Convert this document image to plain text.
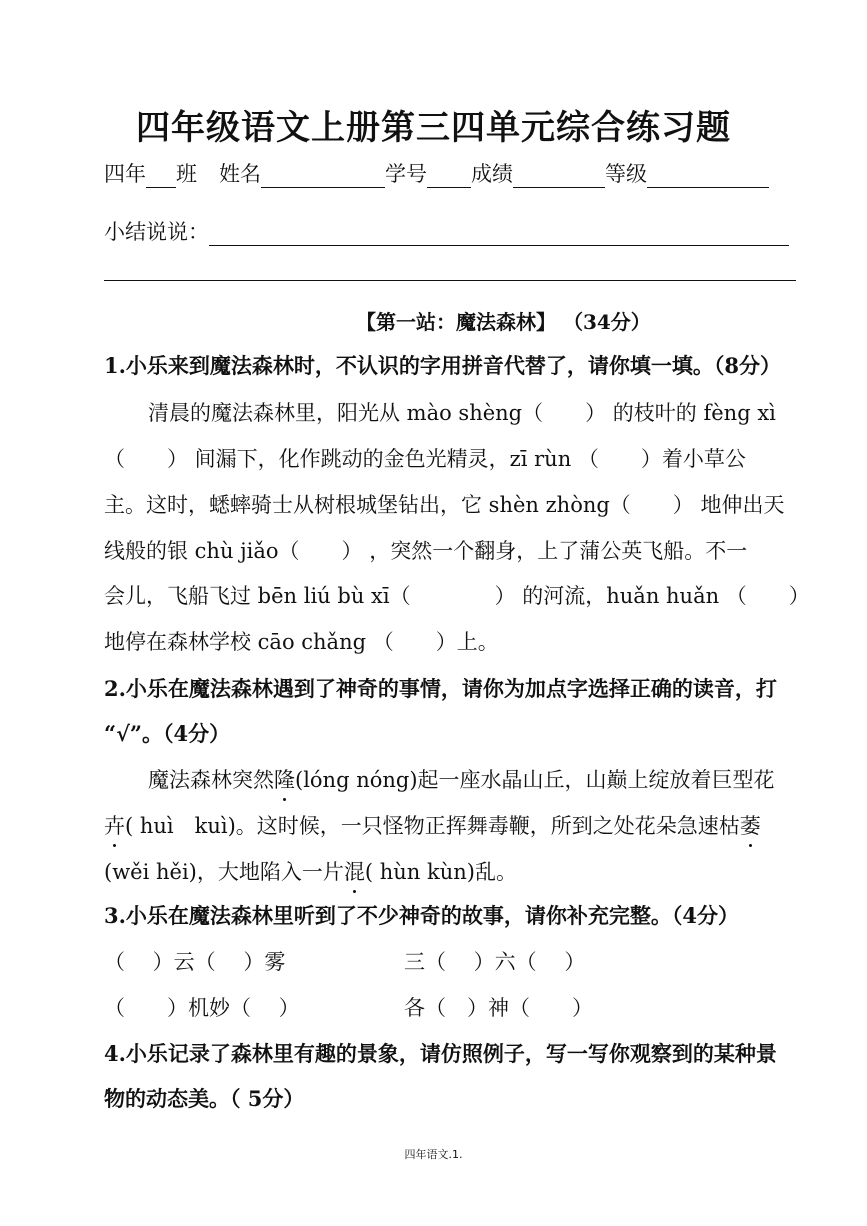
四年级语文上册第三四单元综合练习题
四年 班 姓名	学号 成绩	等级
小结说说：
【第一站：魔法森林】 （34分）
1.小乐来到魔法森林时，不认识的字用拼音代替了，请你填一填。（8分）
清晨的魔法森林里，阳光从 mào shèng（　　） 的枝叶的 fèng xì
（　　） 间漏下，化作跳动的金色光精灵，zī rùn （　　）着小草公
主。这时，蟋蟀骑士从树根城堡钻出，它 shèn zhòng（　　） 地伸出天
线般的银 chù jiǎo（　　） ，突然一个翻身，上了蒲公英飞船。不一
会儿，飞船飞过 bēn liú bù xī（　　　　） 的河流，huǎn huǎn （　　）
地停在森林学校 cāo chǎng （　　）上。
2.小乐在魔法森林遇到了神奇的事情，请你为加点字选择正确的读音，打
“√”。（4分）
魔法森林突然隆(lóng nóng)起一座水晶山丘，山巅上绽放着巨型花
卉( huì　kuì)。这时候，一只怪物正挥舞毒鞭，所到之处花朵急速枯萎
(wěi hěi)，大地陷入一片混( hùn kùn)乱。
3.小乐在魔法森林里听到了不少神奇的故事，请你补充完整。（4分）
（　 ）云（　 ）雾	三（　 ）六（　 ）
（　　）机妙（　 ）	各（　）神（　　）
4.小乐记录了森林里有趣的景象，请仿照例子，写一写你观察到的某种景
物的动态美。（ 5分）
四年语文.1.
